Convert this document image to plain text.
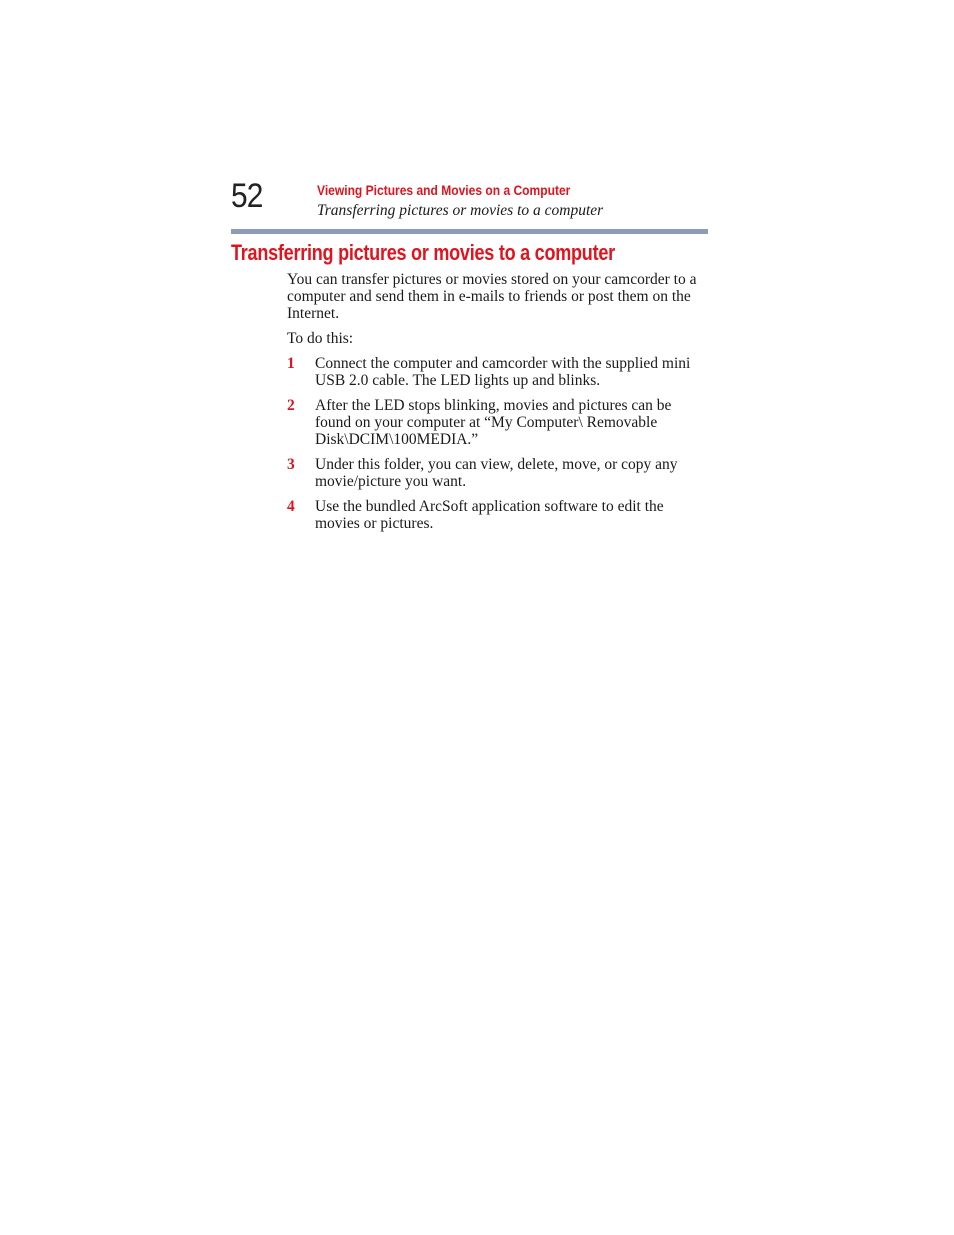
52	Viewing Pictures and Movies on a Computer
Transferring pictures or movies to a computer
Transferring pictures or movies to a computer

You can transfer pictures or movies stored on your camcorder to a
computer and send them in e-mails to friends or post them on the
Internet.

To do this:

1	Connect the computer and camcorder with the supplied mini
USB 2.0 cable. The LED lights up and blinks.
2	After the LED stops blinking, movies and pictures can be
found on your computer at “My Computer\ Removable
Disk\DCIM\100MEDIA.”
3	Under this folder, you can view, delete, move, or copy any
movie/picture you want.
4	Use the bundled ArcSoft application software to edit the
movies or pictures.
